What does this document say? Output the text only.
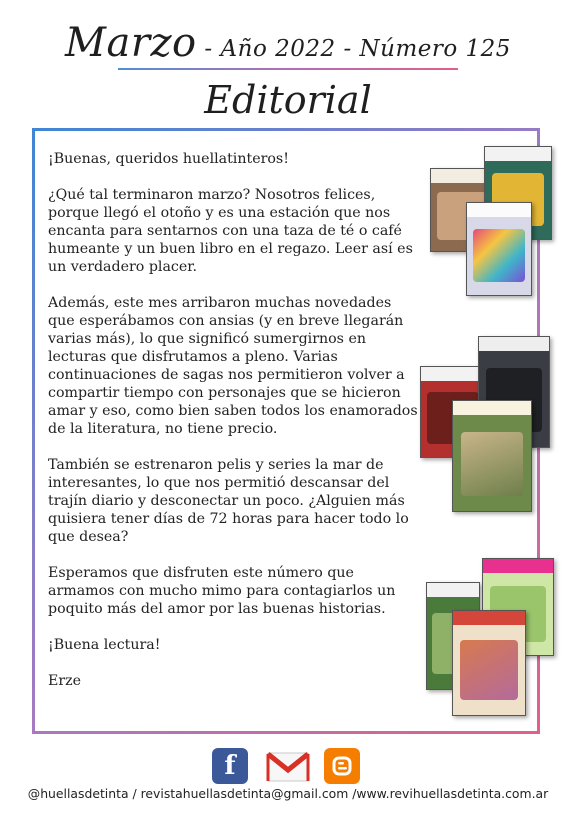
Marzo - Año 2022 - Número 125
Editorial

¡Buenas, queridos huellatinteros!

¿Qué tal terminaron marzo? Nosotros felices, porque llegó el otoño y es una estación que nos encanta para sentarnos con una taza de té o café humeante y un buen libro en el regazo. Leer así es un verdadero placer.

Además, este mes arribaron muchas novedades que esperábamos con ansias (y en breve llegarán varias más), lo que significó sumergirnos en lecturas que disfrutamos a pleno. Varias continuaciones de sagas nos permitieron volver a compartir tiempo con personajes que se hicieron amar y eso, como bien saben todos los enamorados de la literatura, no tiene precio.

También se estrenaron pelis y series la mar de interesantes, lo que nos permitió descansar del trajín diario y desconectar un poco. ¿Alguien más quisiera tener días de 72 horas para hacer todo lo que desea?

Esperamos que disfruten este número que armamos con mucho mimo para contagiarlos un poquito más del amor por las buenas historias.

¡Buena lectura!

Erze

f
@huellasdetinta / revistahuellasdetinta@gmail.com /www.revihuellasdetinta.com.ar
